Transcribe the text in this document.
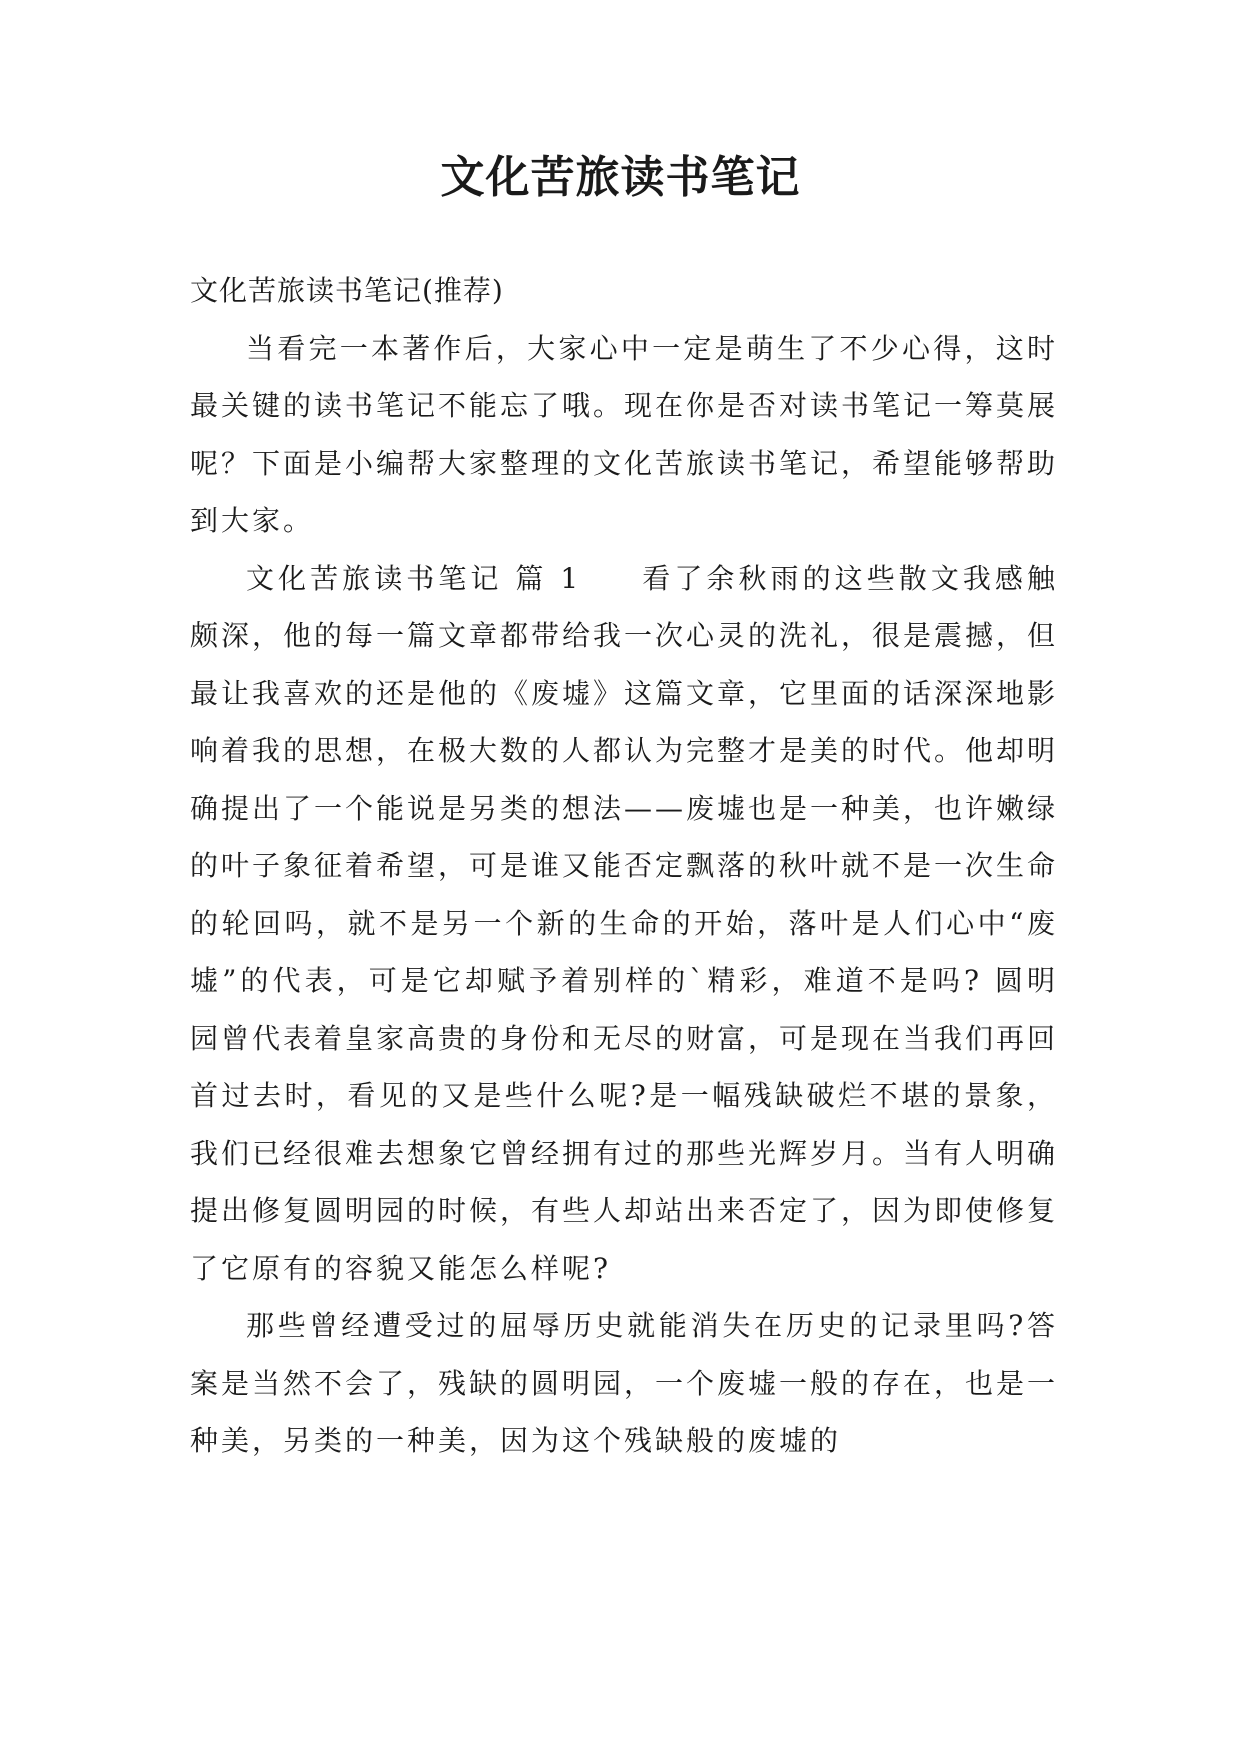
文化苦旅读书笔记

文化苦旅读书笔记(推荐)

当看完一本著作后，大家心中一定是萌生了不少心得，这时最关键的读书笔记不能忘了哦。现在你是否对读书笔记一筹莫展呢？下面是小编帮大家整理的文化苦旅读书笔记，希望能够帮助到大家。

文化苦旅读书笔记 篇 1 看了余秋雨的这些散文我感触颇深，他的每一篇文章都带给我一次心灵的洗礼，很是震撼，但最让我喜欢的还是他的《废墟》这篇文章，它里面的话深深地影响着我的思想，在极大数的人都认为完整才是美的时代。他却明确提出了一个能说是另类的想法——废墟也是一种美，也许嫩绿的叶子象征着希望，可是谁又能否定飘落的秋叶就不是一次生命的轮回吗，就不是另一个新的生命的开始，落叶是人们心中“废墟”的代表，可是它却赋予着别样的`精彩，难道不是吗? 圆明园曾代表着皇家高贵的身份和无尽的财富，可是现在当我们再回首过去时，看见的又是些什么呢?是一幅残缺破烂不堪的景象，我们已经很难去想象它曾经拥有过的那些光辉岁月。当有人明确提出修复圆明园的时候，有些人却站出来否定了，因为即使修复了它原有的容貌又能怎么样呢?

那些曾经遭受过的屈辱历史就能消失在历史的记录里吗?答案是当然不会了，残缺的圆明园，一个废墟一般的存在，也是一种美，另类的一种美，因为这个残缺般的废墟的
